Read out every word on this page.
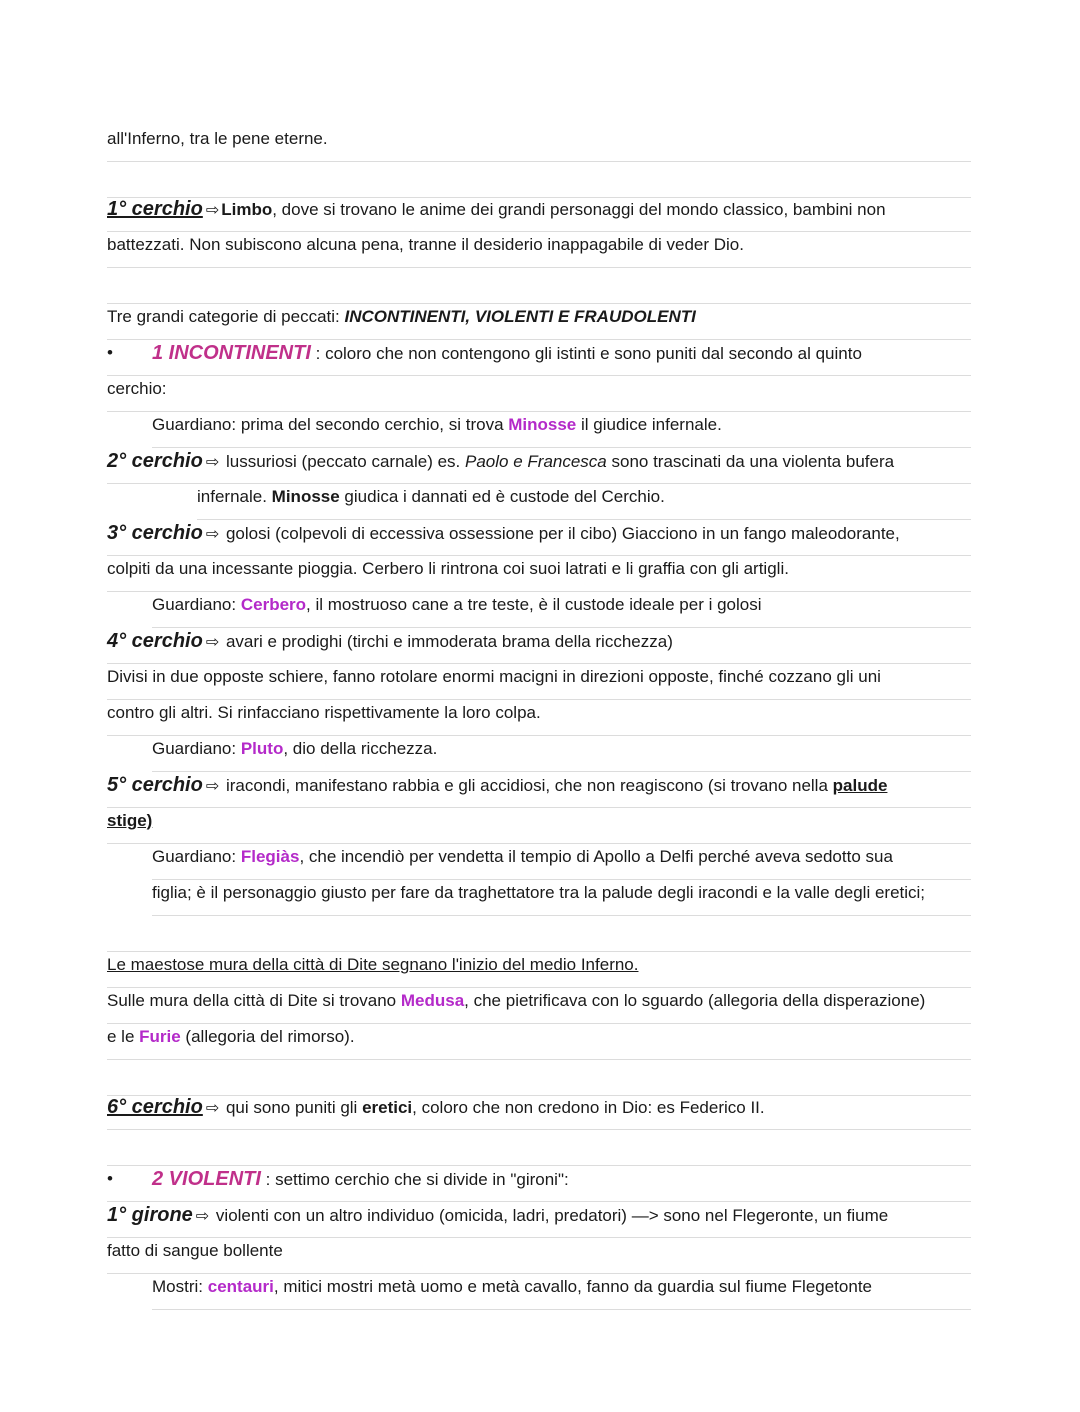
all'Inferno, tra le pene eterne.
1° cerchio ⇨ Limbo, dove si trovano le anime dei grandi personaggi del mondo classico, bambini non
battezzati. Non subiscono alcuna pena, tranne il desiderio inappagabile di veder Dio.
Tre grandi categorie di peccati: INCONTINENTI, VIOLENTI E FRAUDOLENTI
• 1 INCONTINENTI : coloro che non contengono gli istinti e sono puniti dal secondo al quinto
cerchio:
Guardiano: prima del secondo cerchio, si trova Minosse il giudice infernale.
2° cerchio ⇨ lussuriosi (peccato carnale) es. Paolo e Francesca sono trascinati da una violenta bufera
infernale. Minosse giudica i dannati ed è custode del Cerchio.
3° cerchio ⇨ golosi (colpevoli di eccessiva ossessione per il cibo) Giacciono in un fango maleodorante,
colpiti da una incessante pioggia. Cerbero li rintrona coi suoi latrati e li graffia con gli artigli.
Guardiano: Cerbero, il mostruoso cane a tre teste, è il custode ideale per i golosi
4° cerchio ⇨ avari e prodighi (tirchi e immoderata brama della ricchezza)
Divisi in due opposte schiere, fanno rotolare enormi macigni in direzioni opposte, finché cozzano gli uni
contro gli altri. Si rinfacciano rispettivamente la loro colpa.
Guardiano: Pluto, dio della ricchezza.
5° cerchio ⇨ iracondi, manifestano rabbia e gli accidiosi, che non reagiscono (si trovano nella palude
stige)
Guardiano: Flegiàs, che incendiò per vendetta il tempio di Apollo a Delfi perché aveva sedotto sua
figlia; è il personaggio giusto per fare da traghettatore tra la palude degli iracondi e la valle degli eretici;
Le maestose mura della città di Dite segnano l'inizio del medio Inferno.
Sulle mura della città di Dite si trovano Medusa, che pietrificava con lo sguardo (allegoria della disperazione)
e le Furie (allegoria del rimorso).
6° cerchio ⇨ qui sono puniti gli eretici, coloro che non credono in Dio: es Federico II.
• 2 VIOLENTI : settimo cerchio che si divide in "gironi":
1° girone ⇨ violenti con un altro individuo (omicida, ladri, predatori) —> sono nel Flegeronte, un fiume
fatto di sangue bollente
Mostri: centauri, mitici mostri metà uomo e metà cavallo, fanno da guardia sul fiume Flegetonte
